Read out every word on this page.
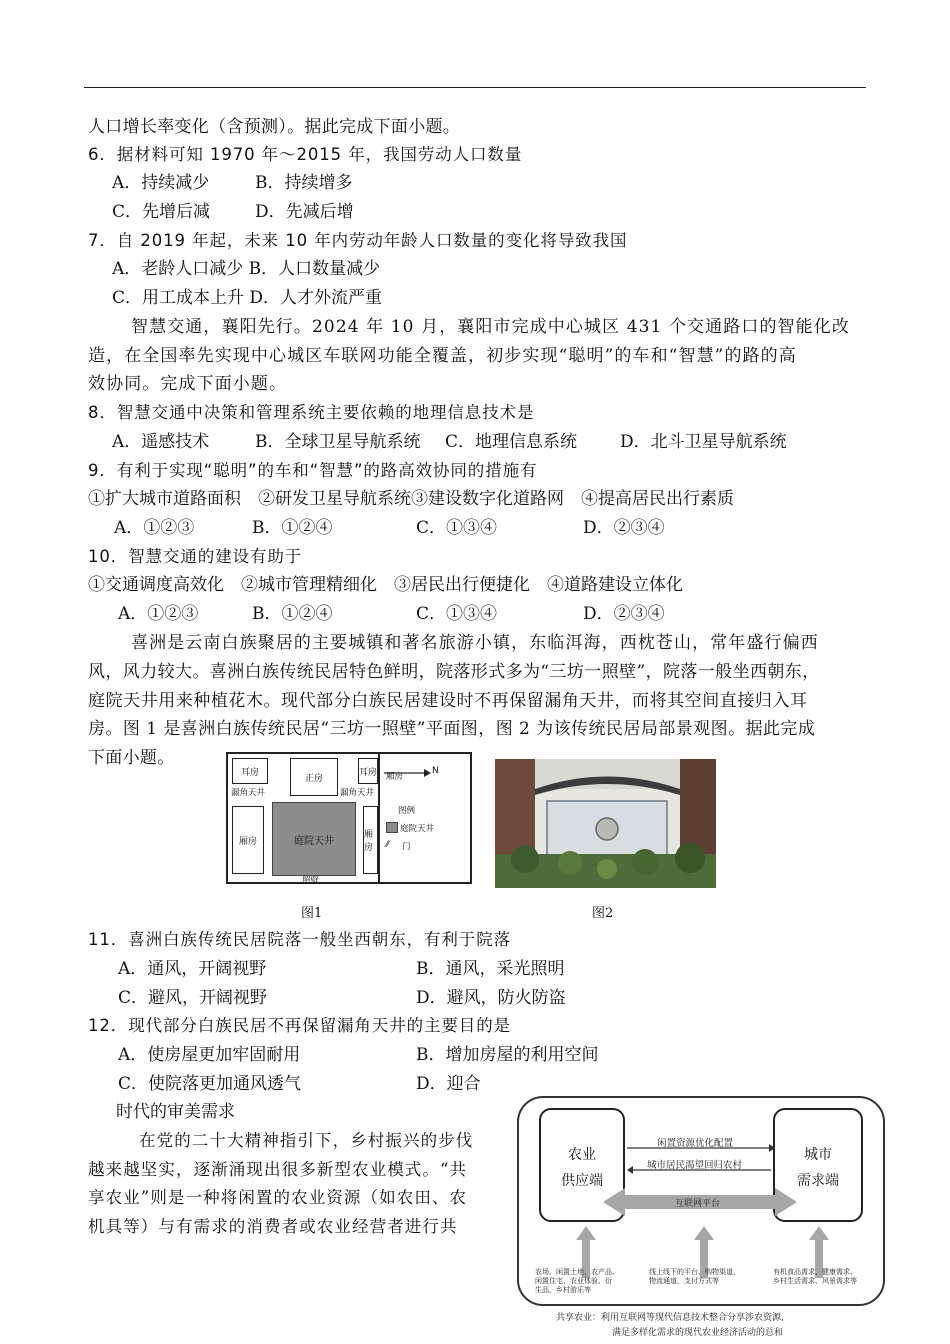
人口增长率变化（含预测）。据此完成下面小题。
6．据材料可知 1970 年～2015 年，我国劳动人口数量
A．持续减少	B．持续增多
C．先增后减	D．先减后增
7．自 2019 年起，未来 10 年内劳动年龄人口数量的变化将导致我国
A．老龄人口减少 B．人口数量减少
C．用工成本上升 D．人才外流严重
智慧交通，襄阳先行。2024 年 10 月，襄阳市完成中心城区 431 个交通路口的智能化改
造，在全国率先实现中心城区车联网功能全覆盖，初步实现“聪明”的车和“智慧”的路的高
效协同。完成下面小题。
8．智慧交通中决策和管理系统主要依赖的地理信息技术是
A．遥感技术	B．全球卫星导航系统 C．地理信息系统	D．北斗卫星导航系统
9．有利于实现“聪明”的车和“智慧”的路高效协同的措施有
①扩大城市道路面积　②研发卫星导航系统③建设数字化道路网　④提高居民出行素质
A．①②③	B．①②④	C．①③④	D．②③④
10．智慧交通的建设有助于
①交通调度高效化　②城市管理精细化　③居民出行便捷化　④道路建设立体化
A．①②③	B．①②④	C．①③④	D．②③④
喜洲是云南白族聚居的主要城镇和著名旅游小镇，东临洱海，西枕苍山，常年盛行偏西
风，风力较大。喜洲白族传统民居特色鲜明，院落形式多为“三坊一照壁”，院落一般坐西朝东，
庭院天井用来种植花木。现代部分白族民居建设时不再保留漏角天井，而将其空间直接归入耳
房。图 1 是喜洲白族传统民居“三坊一照壁”平面图，图 2 为该传统民居局部景观图。据此完成
下面小题。
耳房
正房
耳房
漏角天井	漏角天井
厢房
厢房
庭院天井
照壁
厢房
图例
庭院天井
⁄⁄ 门
N
图1	图2
11．喜洲白族传统民居院落一般坐西朝东，有利于院落
A．通风，开阔视野	B．通风，采光照明
C．避风，开阔视野	D．避风，防火防盗
12．现代部分白族民居不再保留漏角天井的主要目的是
A．使房屋更加牢固耐用	B．增加房屋的利用空间
C．使院落更加通风透气	D．迎合
时代的审美需求
在党的二十大精神指引下，乡村振兴的步伐
越来越坚实，逐渐涌现出很多新型农业模式。“共
享农业”则是一种将闲置的农业资源（如农田、农
机具等）与有需求的消费者或农业经营者进行共
农业
供应端
城市
需求端
闲置资源优化配置
城市居民渴望回归农村
互联网平台
农场、闲置土地、农产品、
闲置住宅、农业体验、衍
生品、乡村游乐等
线上线下的平台、购物渠道、
物流通道、支付方式等
有机食品需求、健康需求、
乡村生活需求、风景需求等
共享农业：利用互联网等现代信息技术整合分享涉农资源,
满足多样化需求的现代农业经济活动的总和
